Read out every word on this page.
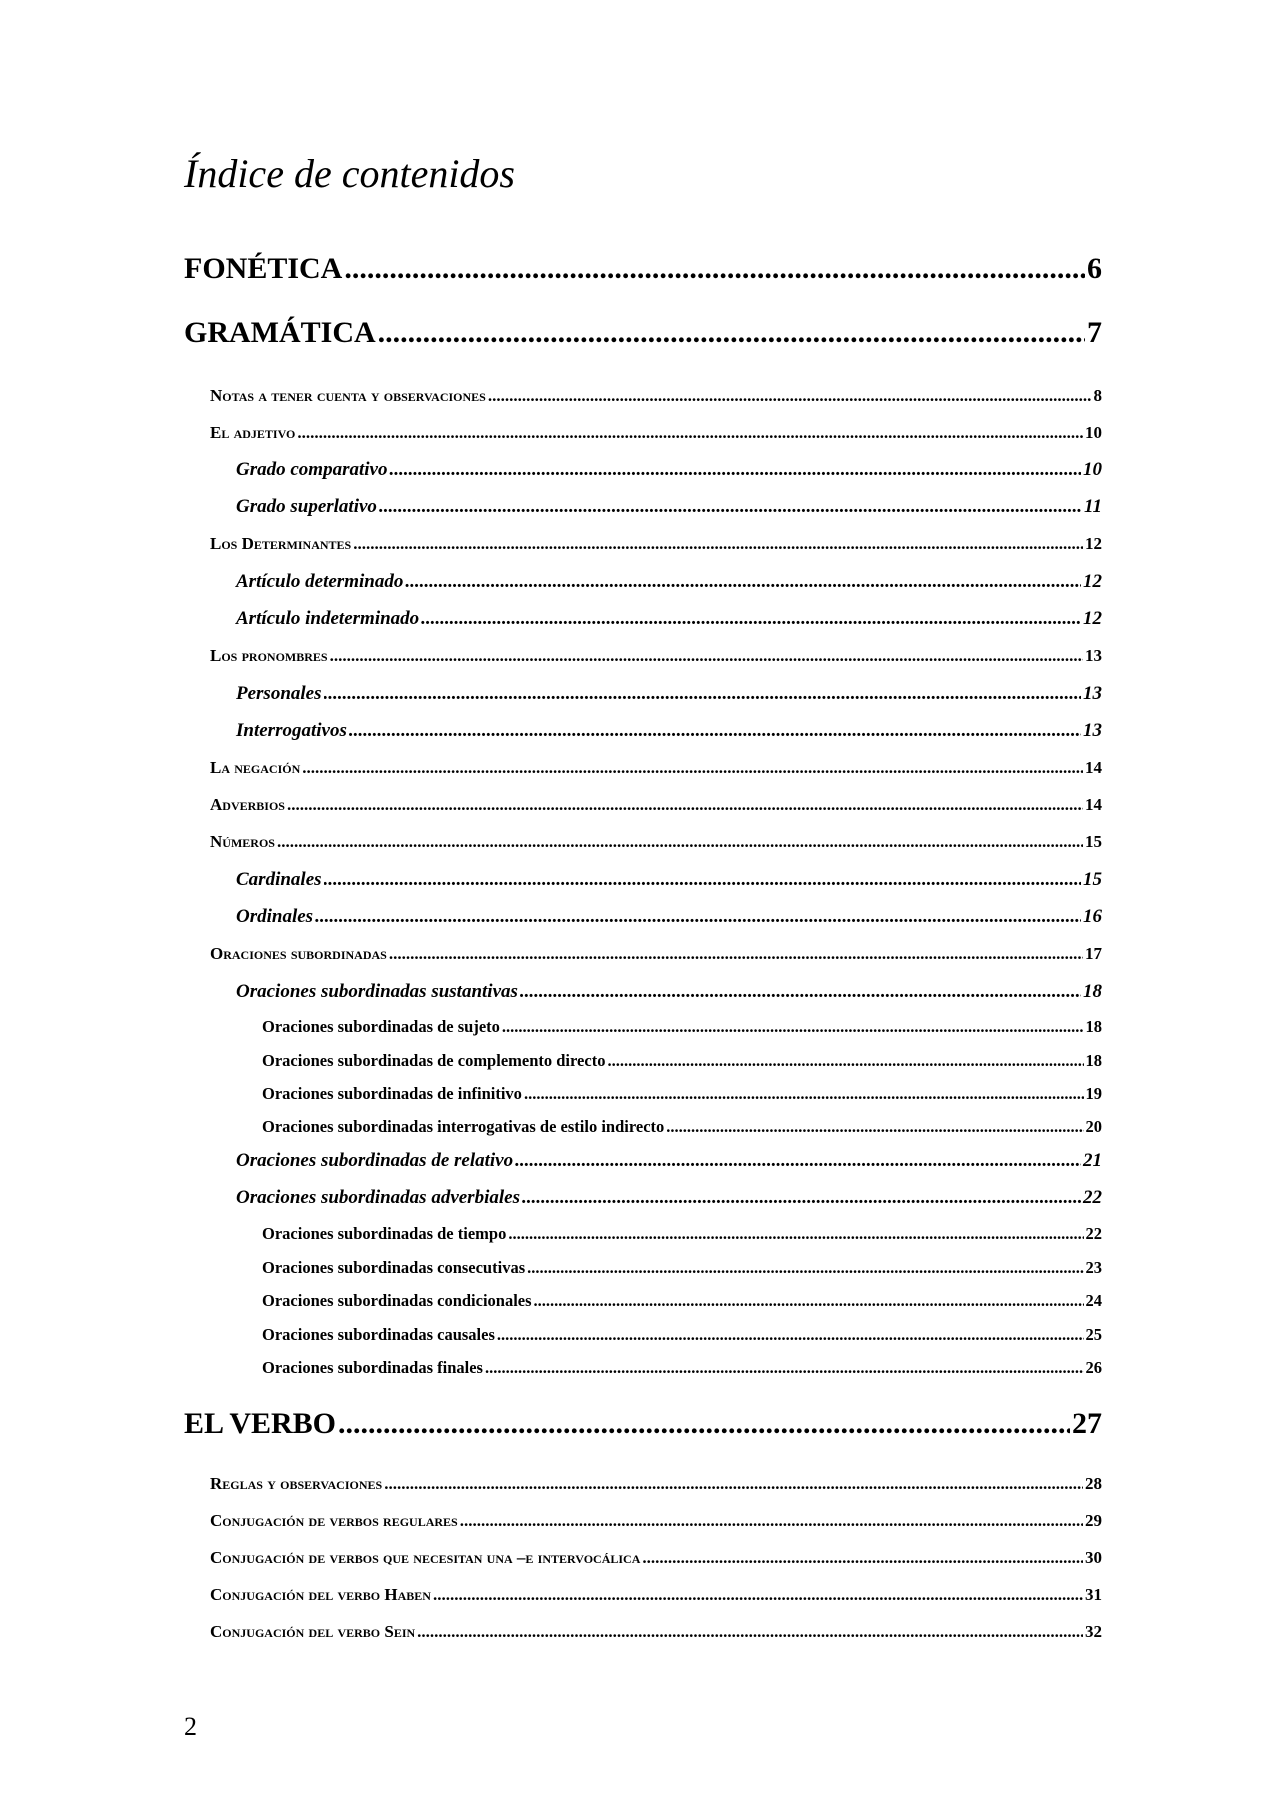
Índice de contenidos
FONÉTICA .....	6
GRAMÁTICA .....	7
Notas a tener cuenta y observaciones .....	8
El adjetivo .....	10
Grado comparativo .....	10
Grado superlativo .....	11
Los Determinantes .....	12
Artículo determinado .....	12
Artículo indeterminado .....	12
Los pronombres .....	13
Personales .....	13
Interrogativos .....	13
La negación .....	14
Adverbios .....	14
Números .....	15
Cardinales .....	15
Ordinales .....	16
Oraciones subordinadas .....	17
Oraciones subordinadas sustantivas .....	18
Oraciones subordinadas de sujeto .....	18
Oraciones subordinadas de complemento directo .....	18
Oraciones subordinadas de infinitivo .....	19
Oraciones subordinadas interrogativas de estilo indirecto .....	20
Oraciones subordinadas de relativo .....	21
Oraciones subordinadas adverbiales .....	22
Oraciones subordinadas de tiempo .....	22
Oraciones subordinadas consecutivas .....	23
Oraciones subordinadas condicionales .....	24
Oraciones subordinadas causales .....	25
Oraciones subordinadas finales .....	26
EL VERBO .....	27
Reglas y observaciones .....	28
Conjugación de verbos regulares .....	29
Conjugación de verbos que necesitan una –e intervocálica .....	30
Conjugación del verbo Haben .....	31
Conjugación del verbo Sein .....	32
2
